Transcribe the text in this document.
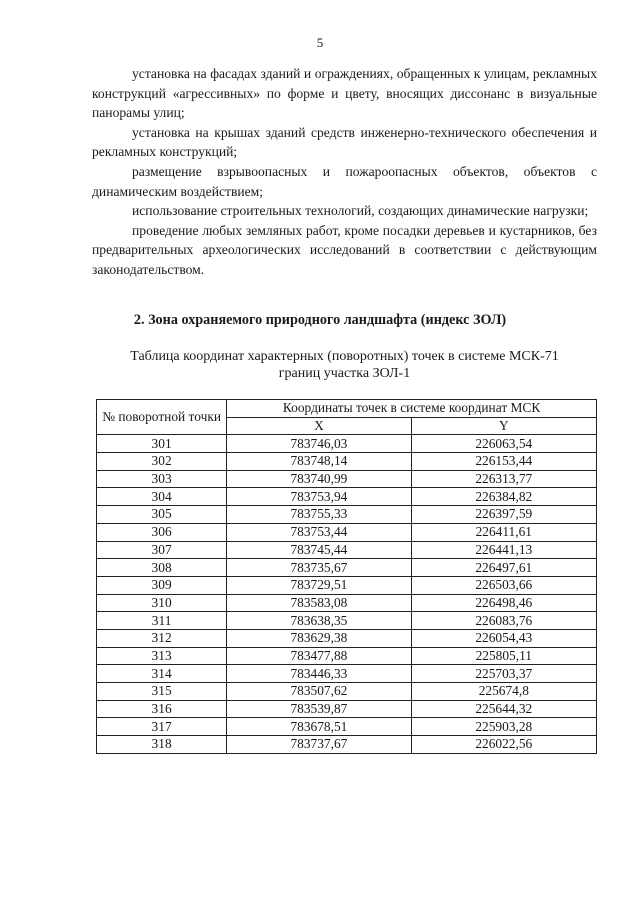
5

установка на фасадах зданий и ограждениях, обращенных к улицам, рекламных конструкций «агрессивных» по форме и цвету, вносящих диссонанс в визуальные панорамы улиц;

установка на крышах зданий средств инженерно-технического обеспечения и рекламных конструкций;

размещение взрывоопасных и пожароопасных объектов, объектов с динамическим воздействием;

использование строительных технологий, создающих динамические нагрузки;

проведение любых земляных работ, кроме посадки деревьев и кустарников, без предварительных археологических исследований в соответствии с действующим законодательством.

2. Зона охраняемого природного ландшафта (индекс ЗОЛ)
Таблица координат характерных (поворотных) точек в системе МСК-71
границ участка ЗОЛ-1
№ поворотной точки	Координаты точек в системе координат МСК	
	X	Y
301	783746,03	226063,54
302	783748,14	226153,44
303	783740,99	226313,77
304	783753,94	226384,82
305	783755,33	226397,59
306	783753,44	226411,61
307	783745,44	226441,13
308	783735,67	226497,61
309	783729,51	226503,66
310	783583,08	226498,46
311	783638,35	226083,76
312	783629,38	226054,43
313	783477,88	225805,11
314	783446,33	225703,37
315	783507,62	225674,8
316	783539,87	225644,32
317	783678,51	225903,28
318	783737,67	226022,56
